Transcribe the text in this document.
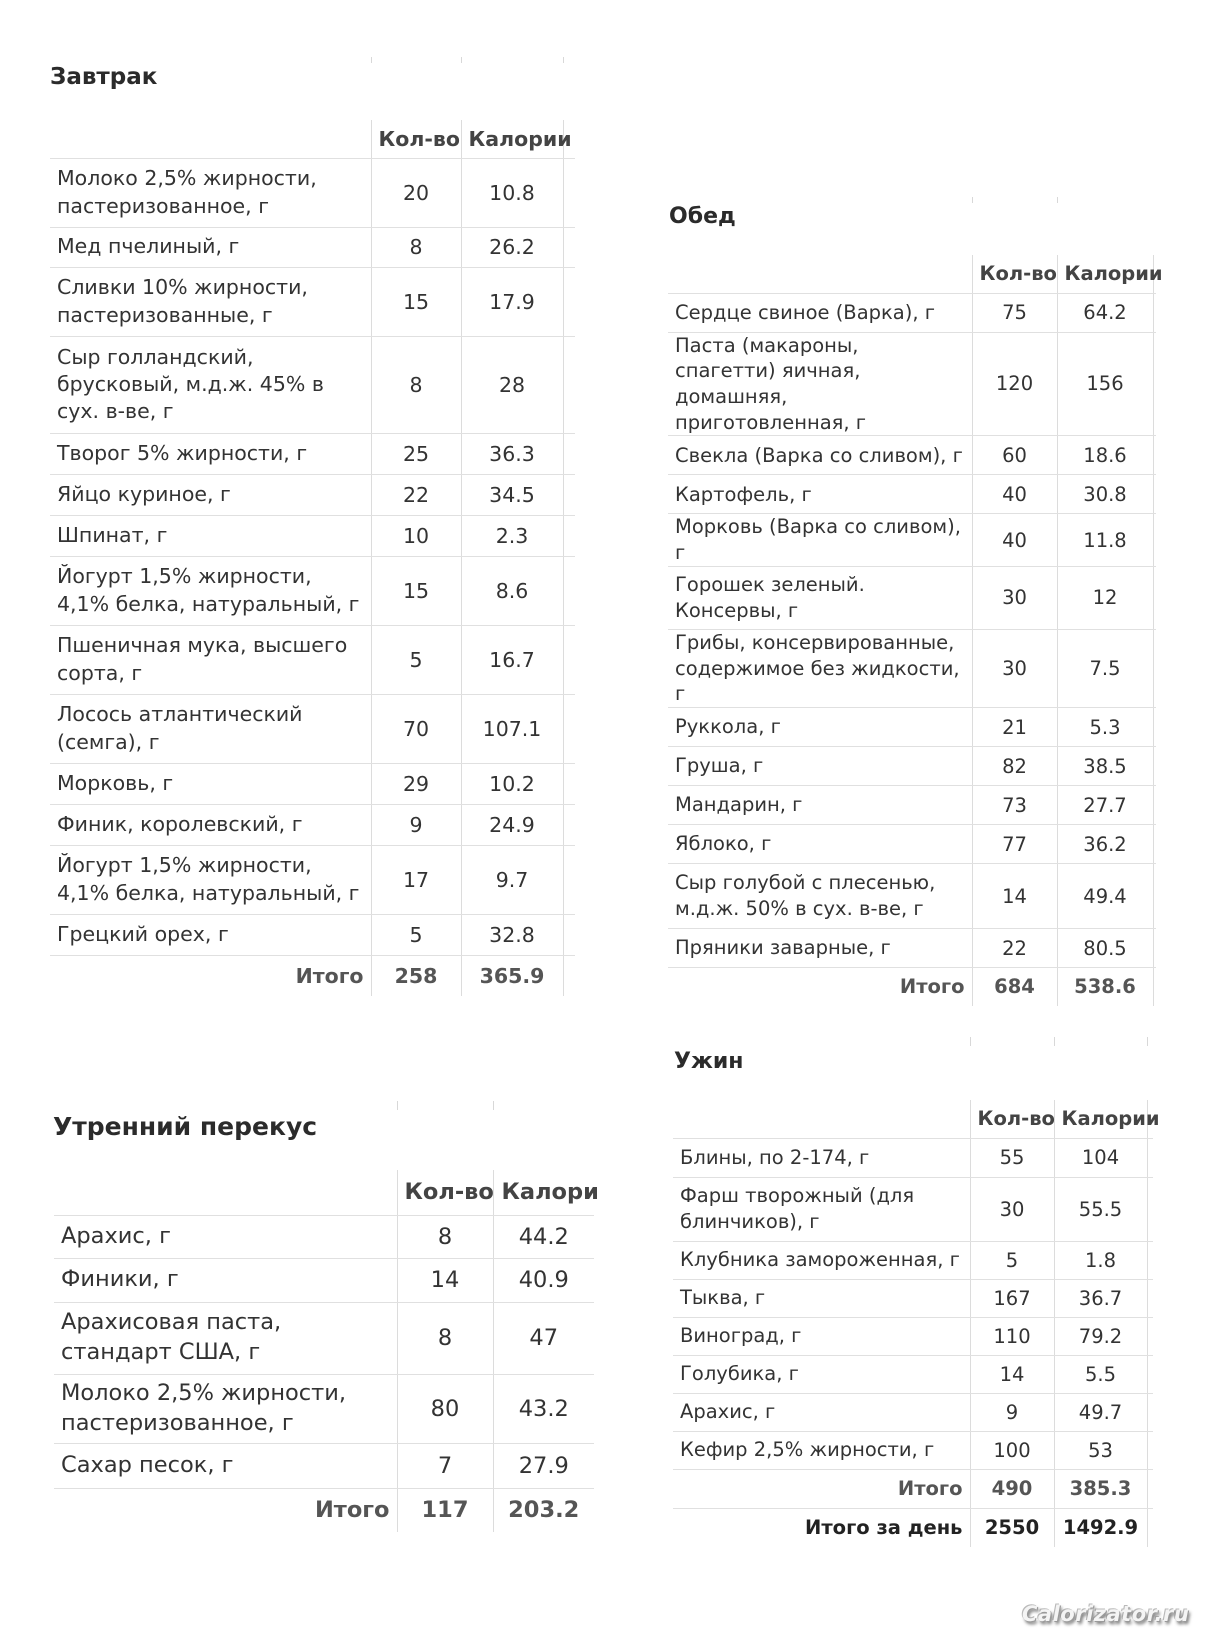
Завтрак
	Кол-во	Калории	
Молоко 2,5% жирности, пастеризованное, г	20	10.8	
Мед пчелиный, г	8	26.2	
Сливки 10% жирности, пастеризованные, г	15	17.9	
Сыр голландский, брусковый, м.д.ж. 45% в сух. в-ве, г	8	28	
Творог 5% жирности, г	25	36.3	
Яйцо куриное, г	22	34.5	
Шпинат, г	10	2.3	
Йогурт 1,5% жирности, 4,1% белка, натуральный, г	15	8.6	
Пшеничная мука, высшего сорта, г	5	16.7	
Лосось атлантический (семга), г	70	107.1	
Морковь, г	29	10.2	
Финик, королевский, г	9	24.9	
Йогурт 1,5% жирности, 4,1% белка, натуральный, г	17	9.7	
Грецкий орех, г	5	32.8	
Итого	258	365.9	
Обед
	Кол-во	Калории	
Сердце свиное (Варка), г	75	64.2	
Паста (макароны, спагетти) яичная, домашняя, приготовленная, г	120	156	
Свекла (Варка со сливом), г	60	18.6	
Картофель, г	40	30.8	
Морковь (Варка со сливом), г	40	11.8	
Горошек зеленый. Консервы, г	30	12	
Грибы, консервированные, содержимое без жидкости, г	30	7.5	
Руккола, г	21	5.3	
Груша, г	82	38.5	
Мандарин, г	73	27.7	
Яблоко, г	77	36.2	
Сыр голубой с плесенью, м.д.ж. 50% в сух. в-ве, г	14	49.4	
Пряники заварные, г	22	80.5	
Итого	684	538.6	
Утренний перекус
	Кол-во	Калори	
Арахис, г	8	44.2	
Финики, г	14	40.9	
Арахисовая паста, стандарт США, г	8	47	
Молоко 2,5% жирности, пастеризованное, г	80	43.2	
Сахар песок, г	7	27.9	
Итого	117	203.2	
Ужин
	Кол-во	Калории	
Блины, по 2-174, г	55	104	
Фарш творожный (для блинчиков), г	30	55.5	
Клубника замороженная, г	5	1.8	
Тыква, г	167	36.7	
Виноград, г	110	79.2	
Голубика, г	14	5.5	
Арахис, г	9	49.7	
Кефир 2,5% жирности, г	100	53	
Итого	490	385.3	
Итого за день	2550	1492.9	
Calorizator.ru
